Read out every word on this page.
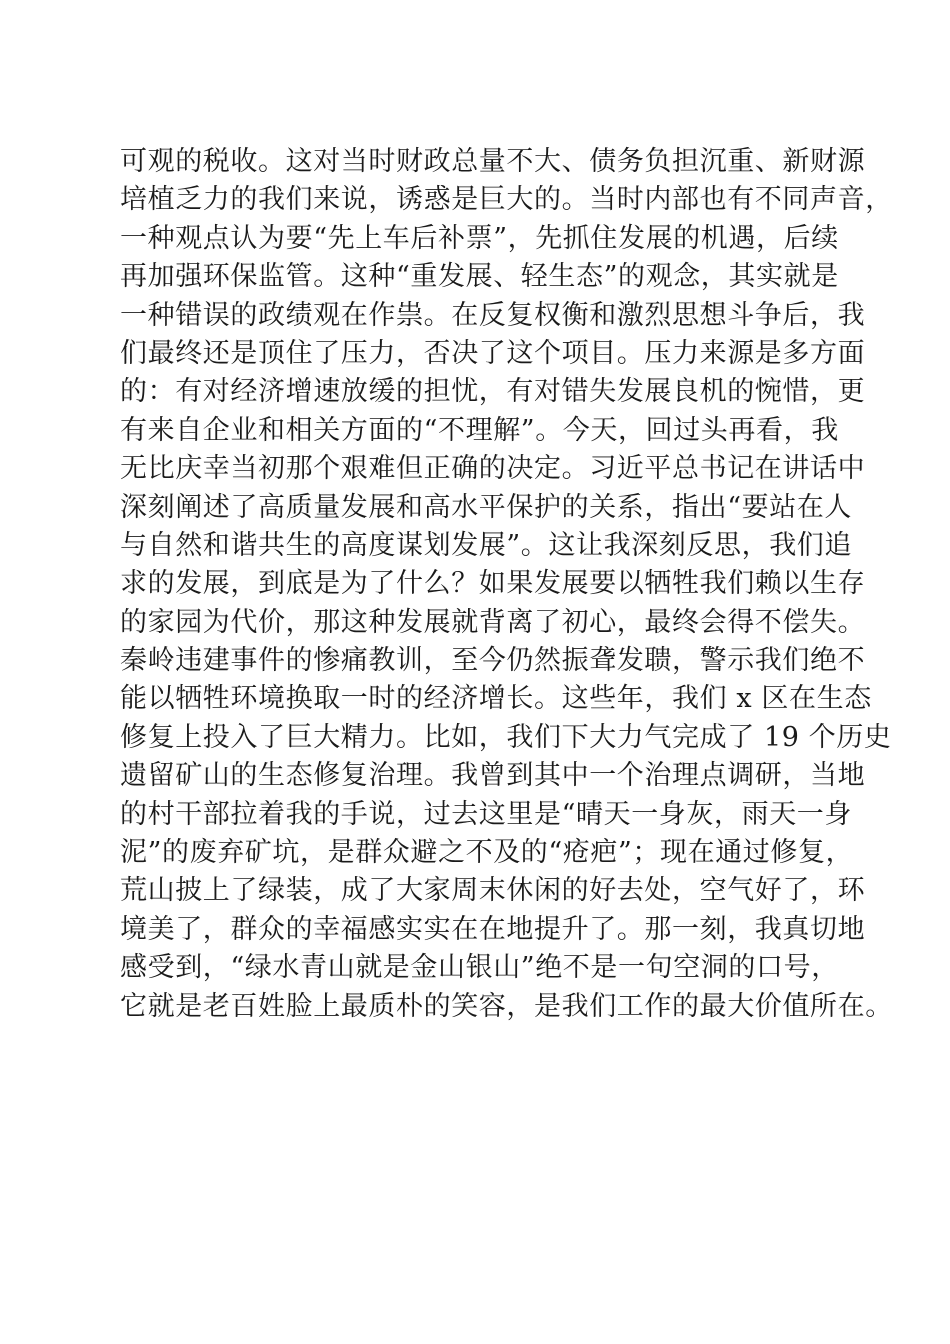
可观的税收。这对当时财政总量不大、债务负担沉重、新财源
培植乏力的我们来说，诱惑是巨大的。当时内部也有不同声音，
一种观点认为要“先上车后补票”，先抓住发展的机遇，后续
再加强环保监管。这种“重发展、轻生态”的观念，其实就是
一种错误的政绩观在作祟。在反复权衡和激烈思想斗争后，我
们最终还是顶住了压力，否决了这个项目。压力来源是多方面
的：有对经济增速放缓的担忧，有对错失发展良机的惋惜，更
有来自企业和相关方面的“不理解”。今天，回过头再看，我
无比庆幸当初那个艰难但正确的决定。习近平总书记在讲话中
深刻阐述了高质量发展和高水平保护的关系，指出“要站在人
与自然和谐共生的高度谋划发展”。这让我深刻反思，我们追
求的发展，到底是为了什么？如果发展要以牺牲我们赖以生存
的家园为代价，那这种发展就背离了初心，最终会得不偿失。
秦岭违建事件的惨痛教训，至今仍然振聋发聩，警示我们绝不
能以牺牲环境换取一时的经济增长。这些年，我们 x 区在生态
修复上投入了巨大精力。比如，我们下大力气完成了 19 个历史
遗留矿山的生态修复治理。我曾到其中一个治理点调研，当地
的村干部拉着我的手说，过去这里是“晴天一身灰，雨天一身
泥”的废弃矿坑，是群众避之不及的“疮疤”；现在通过修复，
荒山披上了绿装，成了大家周末休闲的好去处，空气好了，环
境美了，群众的幸福感实实在在地提升了。那一刻，我真切地
感受到，“绿水青山就是金山银山”绝不是一句空洞的口号，
它就是老百姓脸上最质朴的笑容，是我们工作的最大价值所在。
